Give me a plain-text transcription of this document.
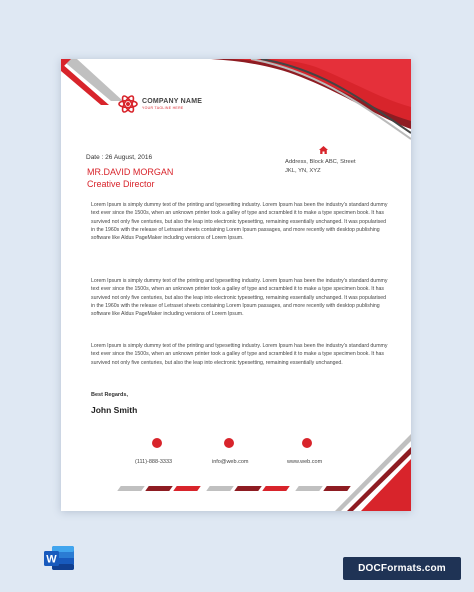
COMPANY NAME
YOUR TAGLINE HERE
Date : 26 August, 2016
MR.DAVID MORGAN
Creative Director
Address, Block ABC, Street
JKL, YN, XYZ

Lorem Ipsum is simply dummy text of the printing and typesetting industry. Lorem Ipsum has been the industry's standard dummy text ever since the 1500s, when an unknown printer took a galley of type and scrambled it to make a type specimen book. It has survived not only five centuries, but also the leap into electronic typesetting, remaining essentially unchanged. It was popularised in the 1960s with the release of Letraset sheets containing Lorem Ipsum passages, and more recently with desktop publishing software like Aldus PageMaker including versions of Lorem Ipsum.

Lorem Ipsum is simply dummy text of the printing and typesetting industry. Lorem Ipsum has been the industry's standard dummy text ever since the 1500s, when an unknown printer took a galley of type and scrambled it to make a type specimen book. It has survived not only five centuries, but also the leap into electronic typesetting, remaining essentially unchanged. It was popularised in the 1960s with the release of Letraset sheets containing Lorem Ipsum passages, and more recently with desktop publishing software like Aldus PageMaker including versions of Lorem Ipsum.

Lorem Ipsum is simply dummy text of the printing and typesetting industry. Lorem Ipsum has been the industry's standard dummy text ever since the 1500s, when an unknown printer took a galley of type and scrambled it to make a type specimen book. It has survived not only five centuries, but also the leap into electronic typesetting, remaining essentially unchanged.

Best Regards,
John Smith
(111)-888-3333	info@web.com	www.web.com
W
DOCFormats.com
